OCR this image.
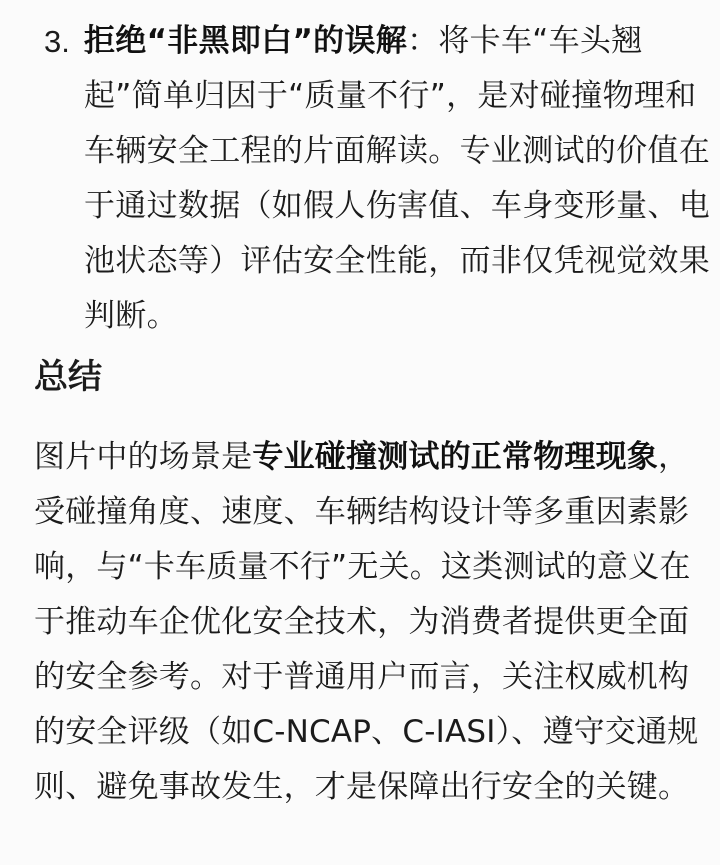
3. 拒绝“非黑即白”的误解：将卡车“车头翘起”简单归因于“质量不行”，是对碰撞物理和车辆安全工程的片面解读。专业测试的价值在于通过数据（如假人伤害值、车身变形量、电池状态等）评估安全性能，而非仅凭视觉效果判断。
总结

图片中的场景是专业碰撞测试的正常物理现象，受碰撞角度、速度、车辆结构设计等多重因素影响，与“卡车质量不行”无关。这类测试的意义在于推动车企优化安全技术，为消费者提供更全面的安全参考。对于普通用户而言，关注权威机构的安全评级（如C-NCAP、C-IASI）、遵守交通规则、避免事故发生，才是保障出行安全的关键。
